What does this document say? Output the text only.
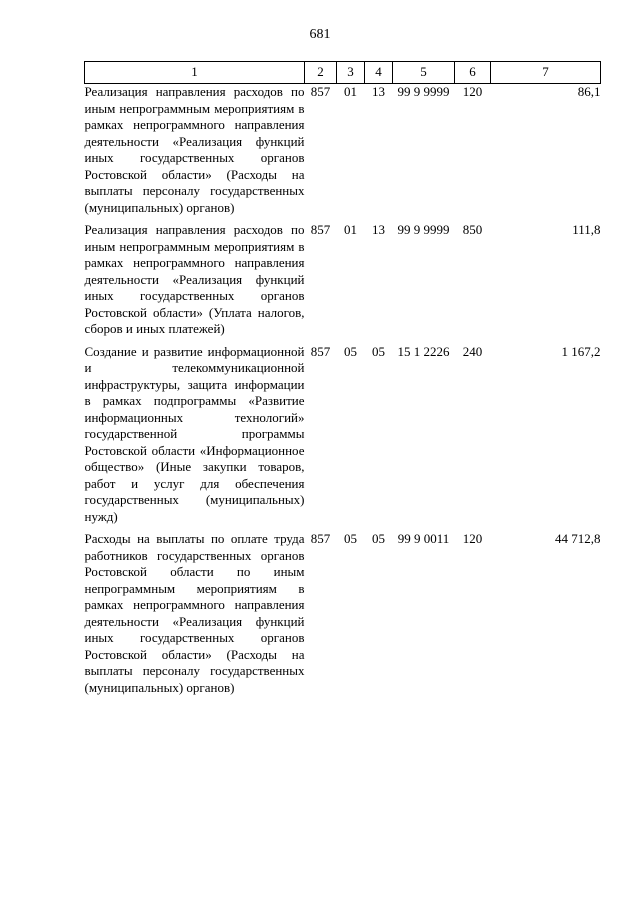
681
1	2	3	4	5	6	7
Реализация направления расходов по иным непрограммным мероприятиям в рамках непрограммного направления деятельности «Реализация функций иных государственных органов Ростовской области» (Расходы на выплаты персоналу государственных (муниципальных) органов)	857	01	13	99 9 9999	120	86,1
Реализация направления расходов по иным непрограммным мероприятиям в рамках непрограммного направления деятельности «Реализация функций иных государственных органов Ростовской области» (Уплата налогов, сборов и иных платежей)	857	01	13	99 9 9999	850	111,8
Создание и развитие информационной и телекоммуникационной инфраструктуры, защита информации в рамках подпрограммы «Развитие информационных технологий» государственной программы Ростовской области «Информационное общество» (Иные закупки товаров, работ и услуг для обеспечения государственных (муниципальных) нужд)	857	05	05	15 1 2226	240	1 167,2
Расходы на выплаты по оплате труда работников государственных органов Ростовской области по иным непрограммным мероприятиям в рамках непрограммного направления деятельности «Реализация функций иных государственных органов Ростовской области» (Расходы на выплаты персоналу государственных (муниципальных) органов)	857	05	05	99 9 0011	120	44 712,8
